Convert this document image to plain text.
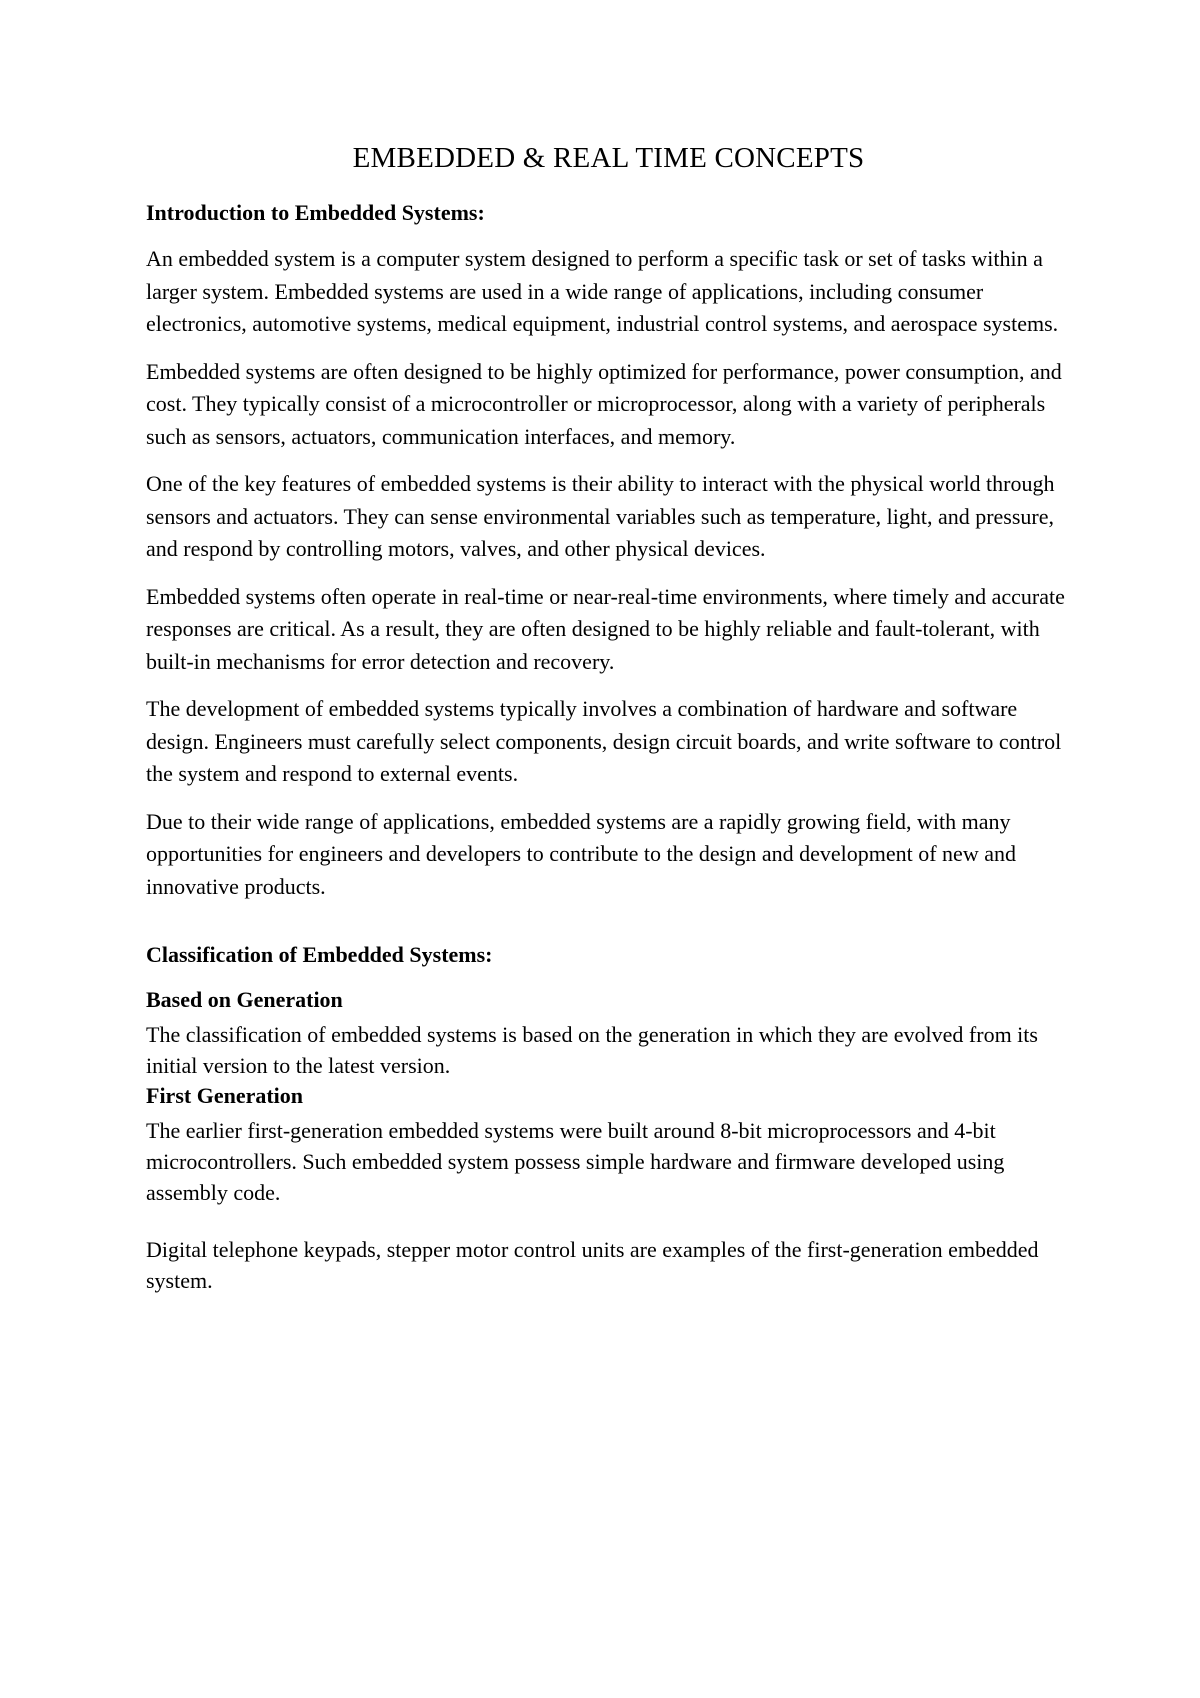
EMBEDDED & REAL TIME CONCEPTS
Introduction to Embedded Systems:

An embedded system is a computer system designed to perform a specific task or set of tasks within a larger system. Embedded systems are used in a wide range of applications, including consumer electronics, automotive systems, medical equipment, industrial control systems, and aerospace systems.

Embedded systems are often designed to be highly optimized for performance, power consumption, and cost. They typically consist of a microcontroller or microprocessor, along with a variety of peripherals such as sensors, actuators, communication interfaces, and memory.

One of the key features of embedded systems is their ability to interact with the physical world through sensors and actuators. They can sense environmental variables such as temperature, light, and pressure, and respond by controlling motors, valves, and other physical devices.

Embedded systems often operate in real-time or near-real-time environments, where timely and accurate responses are critical. As a result, they are often designed to be highly reliable and fault-tolerant, with built-in mechanisms for error detection and recovery.

The development of embedded systems typically involves a combination of hardware and software design. Engineers must carefully select components, design circuit boards, and write software to control the system and respond to external events.

Due to their wide range of applications, embedded systems are a rapidly growing field, with many opportunities for engineers and developers to contribute to the design and development of new and innovative products.

Classification of Embedded Systems:
Based on Generation

The classification of embedded systems is based on the generation in which they are evolved from its initial version to the latest version.

First Generation

The earlier first-generation embedded systems were built around 8-bit microprocessors and 4-bit microcontrollers. Such embedded system possess simple hardware and firmware developed using assembly code.

Digital telephone keypads, stepper motor control units are examples of the first-generation embedded system.
